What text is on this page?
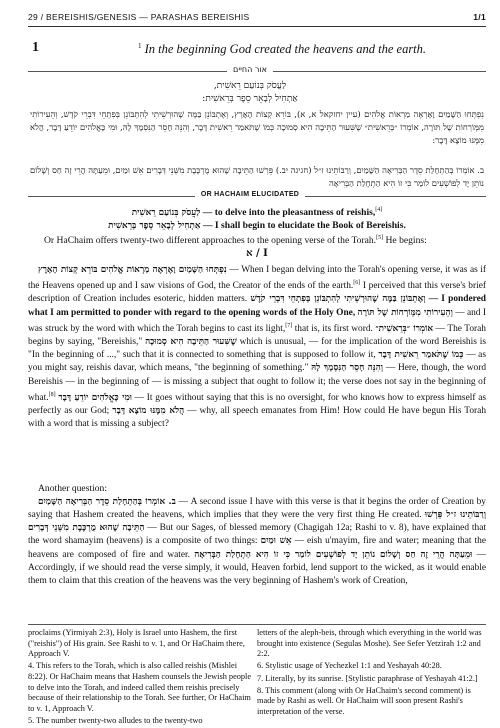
29 / BEREISHIS/GENESIS — PARASHAS BEREISHIS	1/1
1	$^1$ In the beginning God created the heavens and the earth.
אור החיים
לַעֲסֹק בְּנוֹעַם רֵאשִׁית,
אַתְחִיל לְבָאֵר סֵפֶר בְּרֵאשִׁית:
נִפְתְּחוּ הַשָּׁמַיִם וָאֶרְאֶה מַרְאוֹת אֱלֹהִים (עיין יחזקאל א, א), בּוֹרֵא קְצוֹת הָאָרֶץ, וְאֶתְבּוֹנֵן בַּמֶּה שֶׁהוּרְשֵׁיתִי לְהִתְבּוֹנֵן בְּפִתְחֵי דִּבְרֵי קֹדֶשׁ, וְהֵעִירוֹתִי מִמְּוֹרְחוֹת שֶׁל תּוֹרָה, אוֹמְרוֹ ״בְּרֵאשִׁית״ שֶׁשִּׁעוּר הַתֵּיבָה הִיא סְמוּכָה כְּמוֹ שֶׁתֹּאמַר רֵאשִׁית דָּבָר, וְהִנֵּה חָסֵר הַנִּסְמָךְ לָהּ, וּמִי כָּאֱלֹהִים יוֹדֵעַ דָּבָר, הֲלֹא מִמֶּנּוּ מוֹצָא דָּבָר:
ב. אוֹמְרוֹ בְּהַתְחָלַת סֵדֶר הַבְּרִיאָה הַשָּׁמַיִם, וְרַבּוֹתֵינוּ ז״ל (חגיגה יב.) פֵּרְשׁוּ הַתֵּיבָה שֶׁהוּא מֻרְכֶּבֶת מִשְּׁנֵי דְּבָרִים אֵשׁ וּמַיִם, וּמֵעַתָּה הֲרֵי זֶה חַס וְשָׁלוֹם נוֹתֵן יָד לְפוֹשְׁעִים לוֹמַר כִּי זוֹ הִיא הַתְחָלַת הַבְּרִיאָה
OR HACHAIM ELUCIDATED
לַעֲסֹק בְּנוֹעַם רֵאשִׁית — to delve into the pleasantness of reishis,[4]
אַתְחִיל לְבָאֵר סֵפֶר בְּרֵאשִׁית — I shall begin to elucidate the Book of Bereishis.
Or HaChaim offers twenty-two different approaches to the opening verse of the Torah.[5] He begins:
א / I

נִפְתְּחוּ הַשָּׁמַיִם וָאֶרְאֶה מַרְאוֹת אֱלֹהִים בּוֹרֵא קְצוֹת הָאָרֶץ — When I began delving into the Torah's opening verse, it was as if the Heavens opened up and I saw visions of God, the Creator of the ends of the earth.[6] I perceived that this verse's brief description of Creation includes esoteric, hidden matters. וְאֶתְבּוֹנֵן בַּמֶּה שֶׁהוּרְשֵׁיתִי לְהִתְבּוֹנֵן בְּפִתְחֵי דִּבְרֵי קֹדֶשׁ — I pondered what I am permitted to ponder with regard to the opening words of the Holy One, וְהֵעִירוֹתִי מִמְּוֹרְחוֹת שֶׁל תּוֹרָה — and I was struck by the word with which the Torah begins to cast its light,[7] that is, its first word. אוֹמְרוֹ ״בְּרֵאשִׁית״ — The Torah begins by saying, "Bereishis," שֶׁשִּׁעוּר הַתֵּיבָה הִיא סְמוּכָה which is unusual, — for the implication of the word Bereishis is "In the beginning of ...," such that it is connected to something that is supposed to follow it, כְּמוֹ שֶׁתֹּאמַר רֵאשִׁית דָּבָר — as you might say, reishis davar, which means, "the beginning of something." וְהִנֵּה חָסֵר הַנִּסְמָךְ לָהּ — Here, though, the word Bereishis — in the beginning of — is missing a subject that ought to follow it; the verse does not say in the beginning of what.[8] וּמִי כָּאֱלֹהִים יוֹדֵעַ דָּבָר — It goes without saying that this is no oversight, for who knows how to express himself as perfectly as our God; הֲלֹא מִמֶּנּוּ מוֹצָא דָּבָר — why, all speech emanates from Him! How could He have begun His Torah with a word that is missing a subject?

Another question:

ב. אוֹמְרוֹ בְּהַתְחָלַת סֵדֶר הַבְּרִיאָה הַשָּׁמַיִם — A second issue I have with this verse is that it begins the order of Creation by saying that Hashem created the heavens, which implies that they were the very first thing He created. וְרַבּוֹתֵינוּ ז״ל פֵּרְשׁוּ הַתֵּיבָה שֶׁהוּא מֻרְכֶּבֶת מִשְּׁנֵי דְּבָרִים — But our Sages, of blessed memory (Chagigah 12a; Rashi to v. 8), have explained that the word shamayim (heavens) is a composite of two things: אֵשׁ וּמַיִם — eish u'mayim, fire and water; meaning that the heavens are composed of fire and water. וּמֵעַתָּה הֲרֵי זֶה חַס וְשָׁלוֹם נוֹתֵן יָד לְפוֹשְׁעִים לוֹמַר כִּי זוֹ הִיא הַתְחָלַת הַבְּרִיאָה — Accordingly, if we should read the verse simply, it would, Heaven forbid, lend support to the wicked, as it would enable them to claim that this creation of the heavens was the very beginning of Hashem's work of Creation,

proclaims (Yirmiyah 2:3), Holy is Israel unto Hashem, the first ("reishis") of His grain. See Rashi to v. 1, and Or HaChaim there, Approach V.

4. This refers to the Torah, which is also called reishis (Mishlei 8:22). Or HaChaim means that Hashem counsels the Jewish people to delve into the Torah, and indeed called them reishis precisely because of their relationship to the Torah. See further, Or HaChaim to v. 1, Approach V.

5. The number twenty-two alludes to the twenty-two

letters of the aleph-beis, through which everything in the world was brought into existence (Segulas Moshe). See Sefer Yetzirah 1:2 and 2:2.

6. Stylistic usage of Yechezkel 1:1 and Yeshayah 40:28.

7. Literally, by its sunrise. [Stylistic paraphrase of Yeshayah 41:2.]

8. This comment (along with Or HaChaim's second comment) is made by Rashi as well. Or HaChaim will soon present Rashi's interpretation of the verse.
